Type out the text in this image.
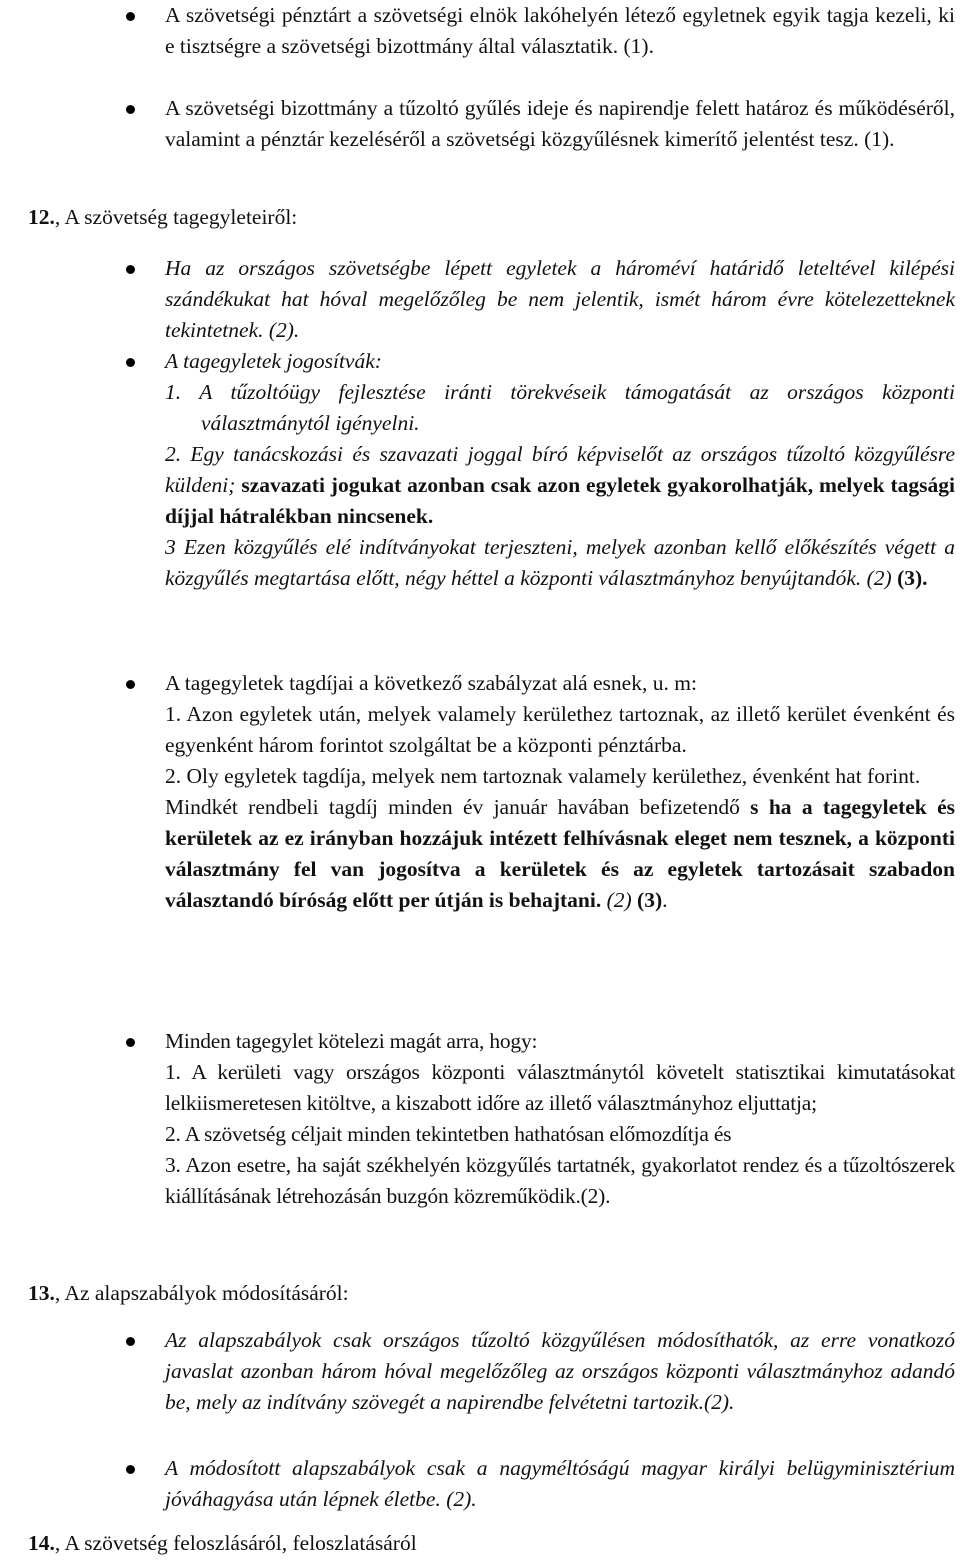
A szövetségi pénztárt a szövetségi elnök lakóhelyén létező egyletnek egyik tagja kezeli, ki e tisztségre a szövetségi bizottmány által választatik. (1).

A szövetségi bizottmány a tűzoltó gyűlés ideje és napirendje felett határoz és működéséről, valamint a pénztár kezeléséről a szövetségi közgyűlésnek kimerítő jelentést tesz. (1).

12., A szövetség tagegyleteiről:

Ha az országos szövetségbe lépett egyletek a hároméví határidő leteltével kilépési szándékukat hat hóval megelőzőleg be nem jelentik, ismét három évre kötelezetteknek tekintetnek. (2).

A tagegyletek jogosítvák:

1. A tűzoltóügy fejlesztése iránti törekvéseik támogatását az országos központi választmánytól igényelni.

2. Egy tanácskozási és szavazati joggal bíró képviselőt az országos tűzoltó közgyűlésre küldeni; szavazati jogukat azonban csak azon egyletek gyakorolhatják, melyek tagsági díjjal hátralékban nincsenek.

3 Ezen közgyűlés elé indítványokat terjeszteni, melyek azonban kellő előkészítés végett a közgyűlés megtartása előtt, négy héttel a központi választmányhoz benyújtandók. (2) (3).

A tagegyletek tagdíjai a következő szabályzat alá esnek, u. m:

1. Azon egyletek után, melyek valamely kerülethez tartoznak, az illető kerület évenként és egyenként három forintot szolgáltat be a központi pénztárba.

2. Oly egyletek tagdíja, melyek nem tartoznak valamely kerülethez, évenként hat forint.

Mindkét rendbeli tagdíj minden év január havában befizetendő s ha a tagegyletek és kerületek az ez irányban hozzájuk intézett felhívásnak eleget nem tesznek, a központi választmány fel van jogosítva a kerületek és az egyletek tartozásait szabadon választandó bíróság előtt per útján is behajtani. (2) (3).

Minden tagegylet kötelezi magát arra, hogy:

1. A kerületi vagy országos központi választmánytól követelt statisztikai kimutatásokat lelkiismeretesen kitöltve, a kiszabott időre az illető választmányhoz eljuttatja;

2. A szövetség céljait minden tekintetben hathatósan előmozdítja és

3. Azon esetre, ha saját székhelyén közgyűlés tartatnék, gyakorlatot rendez és a tűzoltószerek kiállításának létrehozásán buzgón közreműködik.(2).

13., Az alapszabályok módosításáról:

Az alapszabályok csak országos tűzoltó közgyűlésen módosíthatók, az erre vonatkozó javaslat azonban három hóval megelőzőleg az országos központi választmányhoz adandó be, mely az indítvány szövegét a napirendbe felvétetni tartozik.(2).

A módosított alapszabályok csak a nagyméltóságú magyar királyi belügyminisztérium jóváhagyása után lépnek életbe. (2).

14., A szövetség feloszlásáról, feloszlatásáról
